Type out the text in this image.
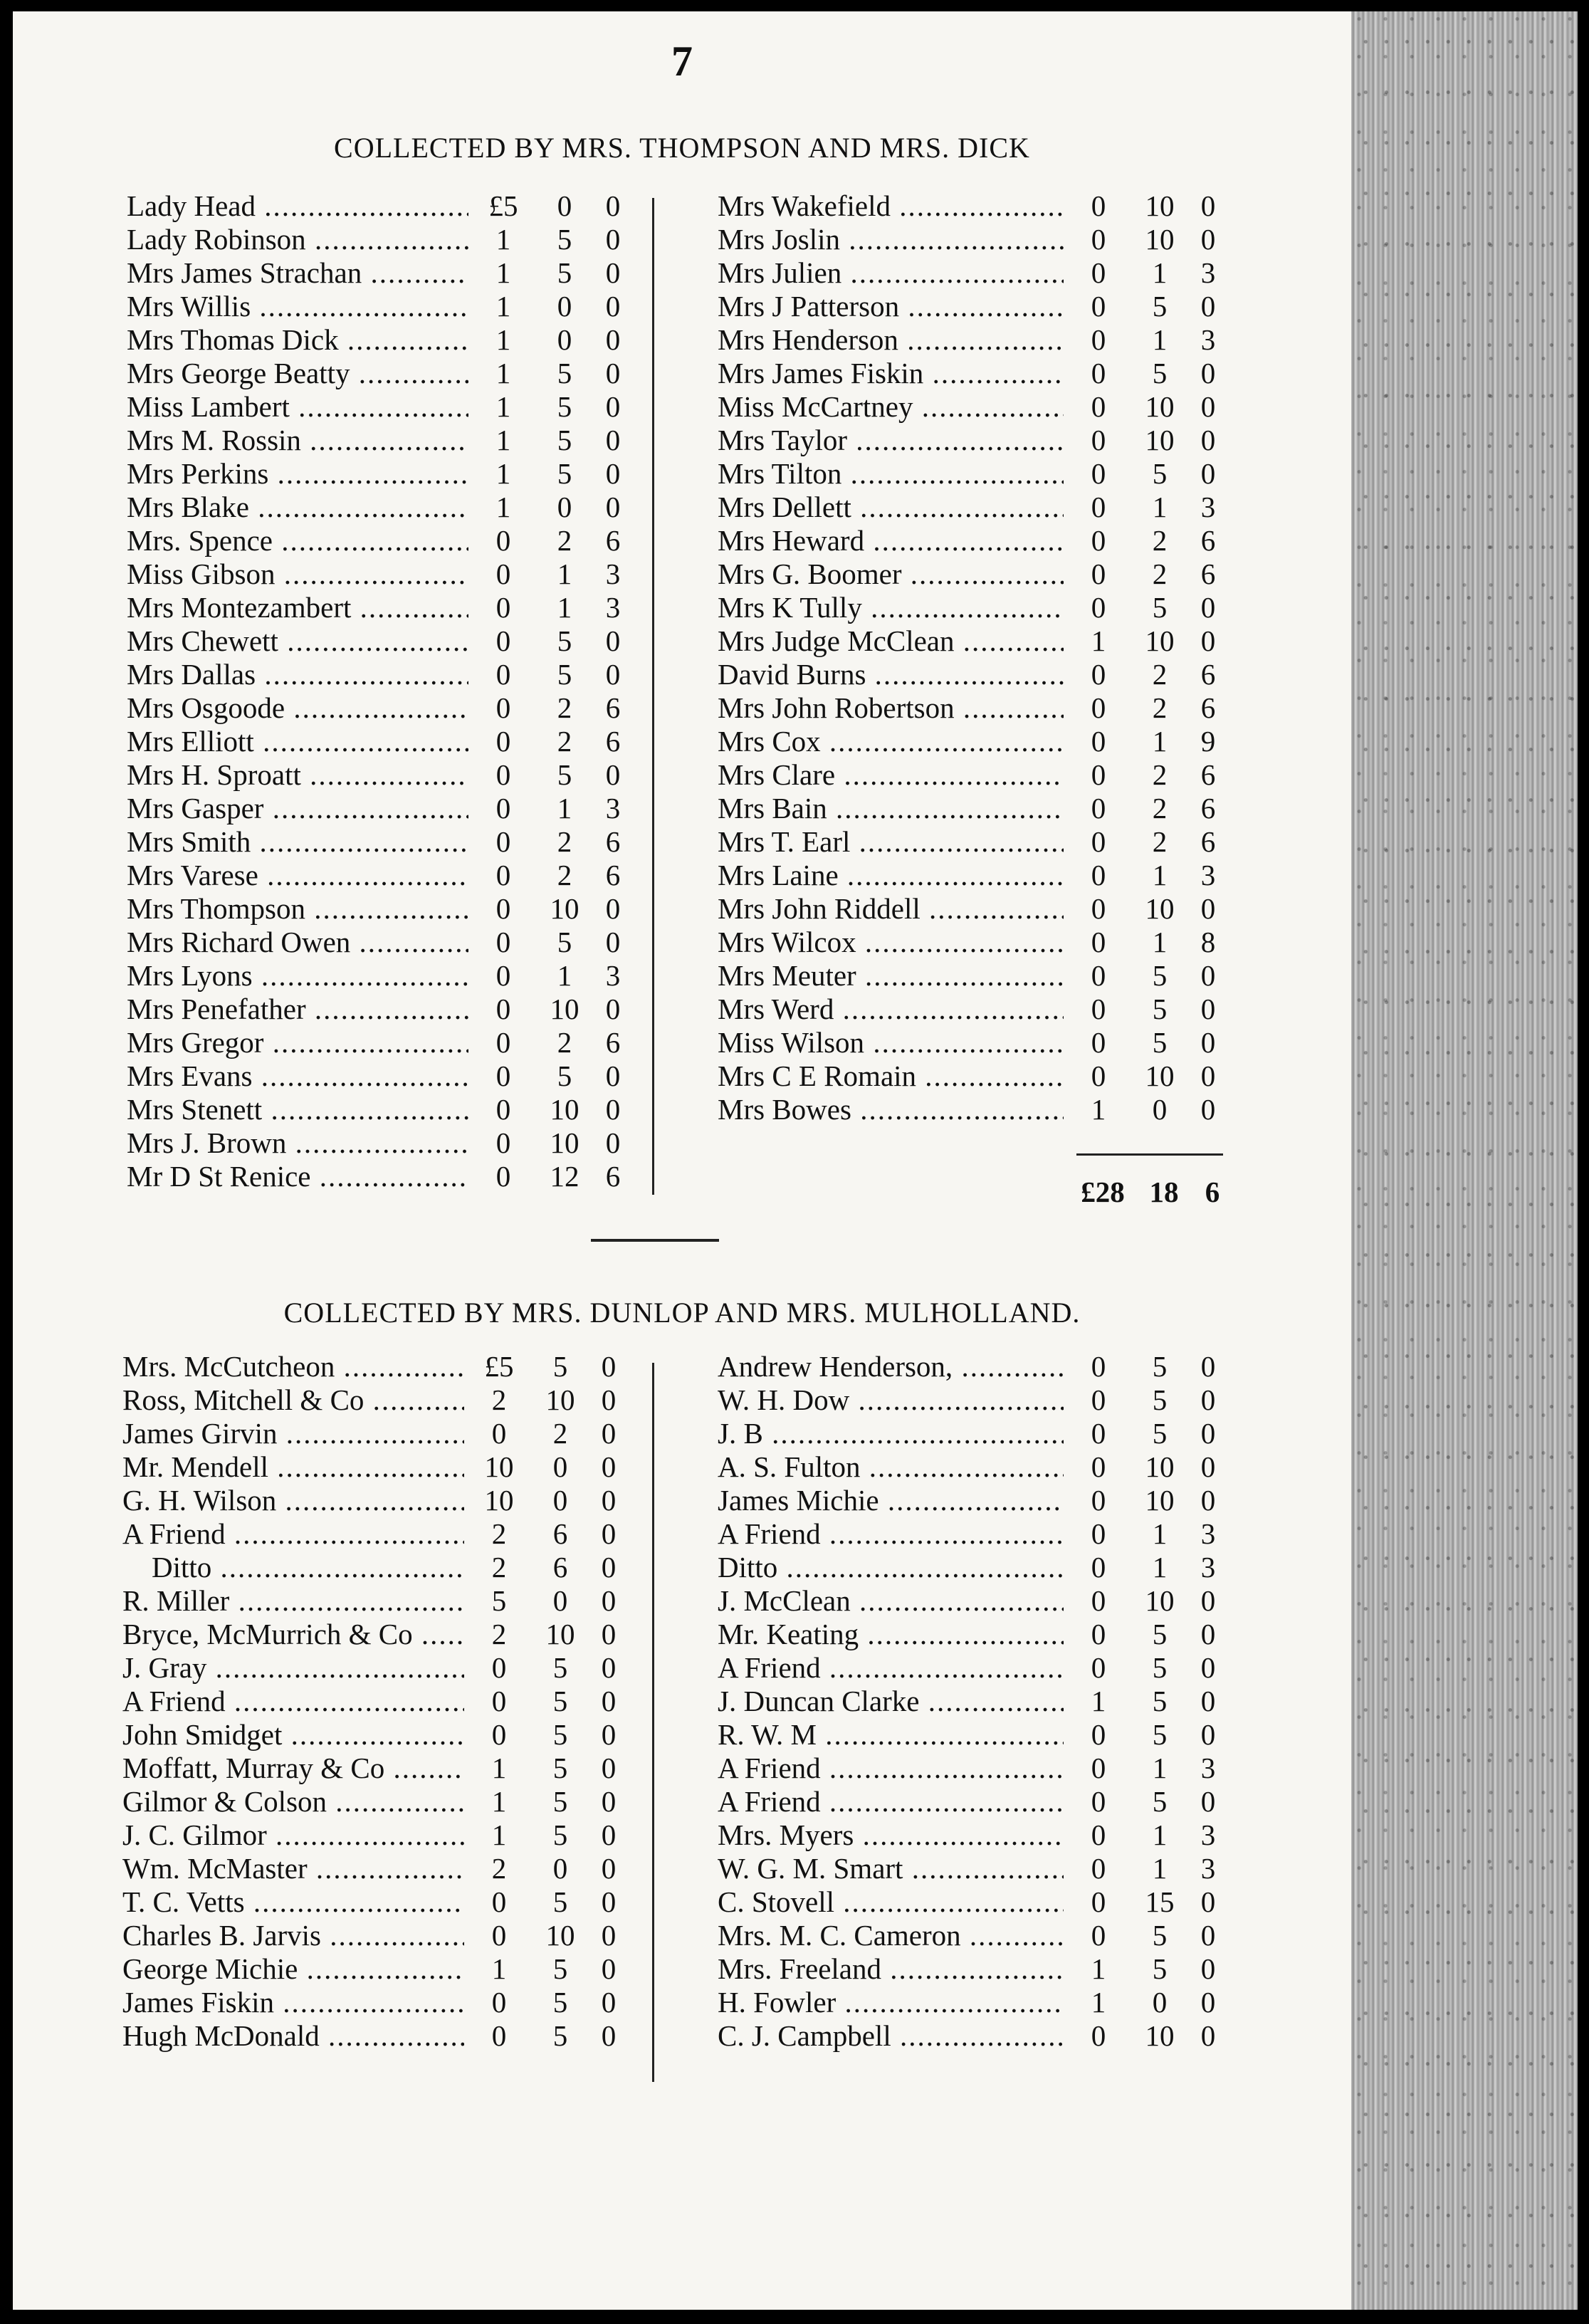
7
COLLECTED BY MRS. THOMPSON AND MRS. DICK
Lady Head .....	£5	0	0
Lady Robinson .....	1	5	0
Mrs James Strachan .....	1	5	0
Mrs Willis .....	1	0	0
Mrs Thomas Dick .....	1	0	0
Mrs George Beatty .....	1	5	0
Miss Lambert .....	1	5	0
Mrs M. Rossin .....	1	5	0
Mrs Perkins .....	1	5	0
Mrs Blake .....	1	0	0
Mrs. Spence .....	0	2	6
Miss Gibson .....	0	1	3
Mrs Montezambert .....	0	1	3
Mrs Chewett .....	0	5	0
Mrs Dallas .....	0	5	0
Mrs Osgoode .....	0	2	6
Mrs Elliott .....	0	2	6
Mrs H. Sproatt .....	0	5	0
Mrs Gasper .....	0	1	3
Mrs Smith .....	0	2	6
Mrs Varese .....	0	2	6
Mrs Thompson .....	0	10 0
Mrs Richard Owen .....	0	5	0
Mrs Lyons .....	0	1	3
Mrs Penefather .....	0	10 0
Mrs Gregor .....	0	2	6
Mrs Evans .....	0	5	0
Mrs Stenett .....	0	10 0
Mrs J. Brown .....	0	10 0
Mr D St Renice .....	0	12 6
Mrs Wakefield .....	0	10 0
Mrs Joslin .....	0	10 0
Mrs Julien .....	0	1	3
Mrs J Patterson .....	0	5	0
Mrs Henderson .....	0	1	3
Mrs James Fiskin .....	0	5	0
Miss McCartney .....	0	10 0
Mrs Taylor .....	0	10 0
Mrs Tilton .....	0	5	0
Mrs Dellett .....	0	1	3
Mrs Heward .....	0	2	6
Mrs G. Boomer .....	0	2	6
Mrs K Tully .....	0	5	0
Mrs Judge McClean .....	1	10 0
David Burns .....	0	2	6
Mrs John Robertson .....	0	2	6
Mrs Cox .....	0	1	9
Mrs Clare .....	0	2	6
Mrs Bain .....	0	2	6
Mrs T. Earl .....	0	2	6
Mrs Laine .....	0	1	3
Mrs John Riddell .....	0	10 0
Mrs Wilcox .....	0	1	8
Mrs Meuter .....	0	5	0
Mrs Werd .....	0	5	0
Miss Wilson .....	0	5	0
Mrs C E Romain .....	0	10 0
Mrs Bowes .....	1	0	0
£28 18 6
COLLECTED BY MRS. DUNLOP AND MRS. MULHOLLAND.
Mrs. McCutcheon .....	£5	5	0
Ross, Mitchell & Co .....	2	10 0
James Girvin .....	0	2	0
Mr. Mendell .....	10	0	0
G. H. Wilson .....	10	0	0
A Friend .....	2	6	0
Ditto .....	2	6	0
R. Miller .....	5	0	0
Bryce, McMurrich & Co .....	2	10 0
J. Gray .....	0	5	0
A Friend .....	0	5	0
John Smidget .....	0	5	0
Moffatt, Murray & Co .....	1	5	0
Gilmor & Colson .....	1	5	0
J. C. Gilmor .....	1	5	0
Wm. McMaster .....	2	0	0
T. C. Vetts .....	0	5	0
Charles B. Jarvis .....	0	10 0
George Michie .....	1	5	0
James Fiskin .....	0	5	0
Hugh McDonald .....	0	5	0
Andrew Henderson, .....	0	5	0
W. H. Dow .....	0	5	0
J. B .....	0	5	0
A. S. Fulton .....	0	10 0
James Michie .....	0	10 0
A Friend .....	0	1	3
Ditto .....	0	1	3
J. McClean .....	0	10 0
Mr. Keating .....	0	5	0
A Friend .....	0	5	0
J. Duncan Clarke .....	1	5	0
R. W. M .....	0	5	0
A Friend .....	0	1	3
A Friend .....	0	5	0
Mrs. Myers .....	0	1	3
W. G. M. Smart .....	0	1	3
C. Stovell .....	0	15 0
Mrs. M. C. Cameron .....	0	5	0
Mrs. Freeland .....	1	5	0
H. Fowler .....	1	0	0
C. J. Campbell .....	0	10 0
